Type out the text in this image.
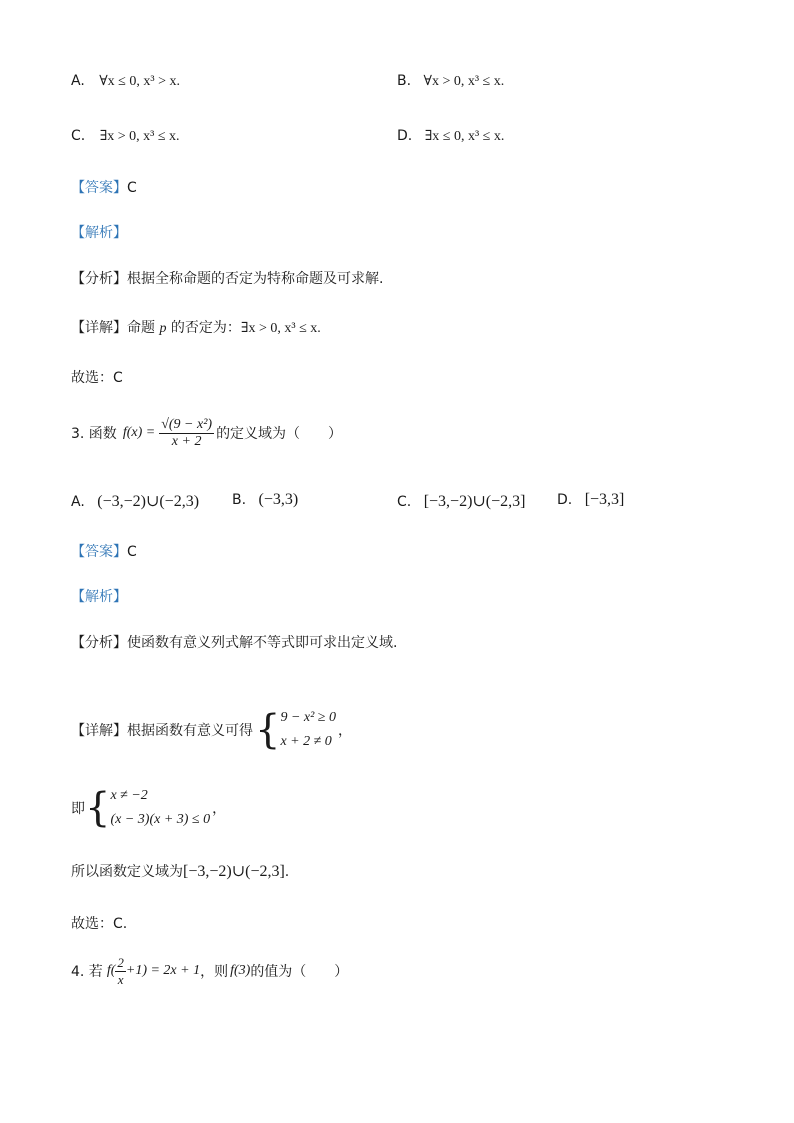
A. ∀x ≤ 0, x³ > x.	B. ∀x > 0, x³ ≤ x.
C. ∃x > 0, x³ ≤ x.	D. ∃x ≤ 0, x³ ≤ x.
【答案】C
【解析】
【分析】根据全称命题的否定为特称命题及可求解.
【详解】命题 p 的否定为：∃x > 0, x³ ≤ x.
故选：C
3. 函数 $f(x) = \frac{\text{√(9 − x²)}}{x + 2}$ 的定义域为（　　）
A. (−3,−2)∪(−2,3) B. (−3,3)	C. [−3,−2)∪(−2,3] D. [−3,3]
【答案】C
【解析】
【分析】使函数有意义列式解不等式即可求出定义域.
【详解】 根据函数有意义可得 { 9 − x² ≥ 0
x + 2 ≠ 0
，
即 { x ≠ −2
(x − 3)(x + 3) ≤ 0
，
所以函数定义域为[−3,−2)∪(−2,3].
故选：C.
4. 若 $f( \frac{2}{x} +1) = 2x + 1$ ，则 f(3) 的值为（　　）
